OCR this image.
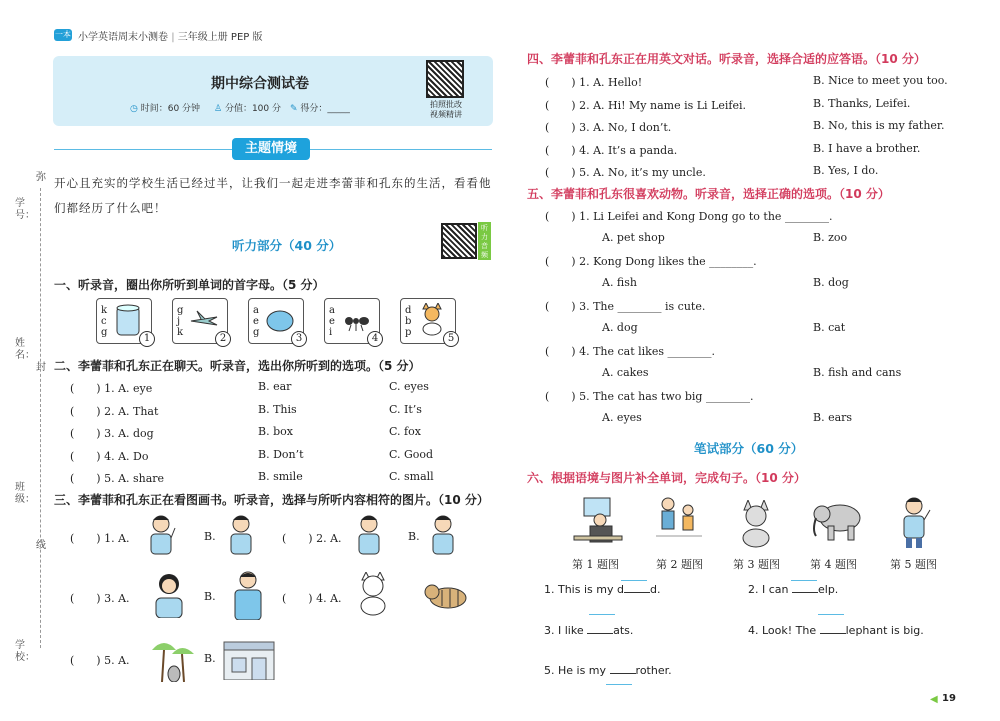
学号：
弥
姓名：
封
班级：
线
学校：
一本 小学英语周末小测卷 | 三年级上册 PEP 版
期中综合测试卷
◷ 时间：60 分钟 ♙ 分值：100 分 ✎ 得分：_____	拍照批改
视频精讲
主题情境
开心且充实的学校生活已经过半，让我们一起走进李蕾菲和孔东的生活，看看他们都经历了什么吧！
听力部分（40 分）
听力音频
一、听录音，圈出你所听到单词的首字母。（5 分）
k
c
g
1
g
j
k
2
a
e
g
3
a
e
i
4
d
b
p
5
二、李蕾菲和孔东正在聊天。听录音，选出你所听到的选项。（5 分）
(　　) 1. A. eye	B. ear	C. eyes
(　　) 2. A. That	B. This	C. It’s
(　　) 3. A. dog	B. box	C. fox
(　　) 4. A. Do	B. Don’t	C. Good
(　　) 5. A. share	B. smile	C. small
三、李蕾菲和孔东正在看图画书。听录音，选择与所听内容相符的图片。（10 分）
(　　) 1. A.	B.	(　　) 2. A.	B.
(　　) 3. A.	B.	(　　) 4. A.
(　　) 5. A.	B.
四、李蕾菲和孔东正在用英文对话。听录音，选择合适的应答语。（10 分）
(　　) 1. A. Hello!	B. Nice to meet you too.
(　　) 2. A. Hi! My name is Li Leifei.	B. Thanks, Leifei.
(　　) 3. A. No, I don’t.	B. No, this is my father.
(　　) 4. A. It’s a panda.	B. I have a brother.
(　　) 5. A. No, it’s my uncle.	B. Yes, I do.
五、李蕾菲和孔东很喜欢动物。听录音，选择正确的选项。（10 分）
(　　) 1. Li Leifei and Kong Dong go to the ________.
A. pet shop	B. zoo
(　　) 2. Kong Dong likes the ________.
A. fish	B. dog
(　　) 3. The ________ is cute.
A. dog	B. cat
(　　) 4. The cat likes ________.
A. cakes	B. fish and cans
(　　) 5. The cat has two big ________.
A. eyes	B. ears
笔试部分（60 分）
六、根据语境与图片补全单词，完成句子。（10 分）
第 1 题图	第 2 题图	第 3 题图	第 4 题图	第 5 题图
1. This is my d d.	2. I can elp.
3. I like ats.	4. Look! The lephant is big.
5. He is my rother.
◀ 19
